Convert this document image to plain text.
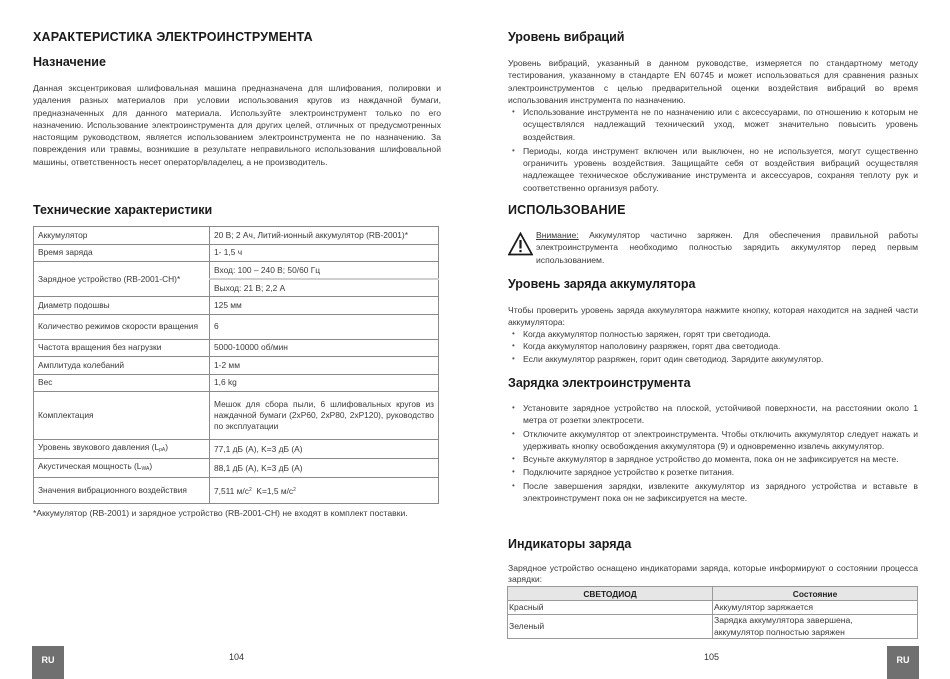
ХАРАКТЕРИСТИКА ЭЛЕКТРОИНСТРУМЕНТА
Назначение
Данная эксцентриковая шлифовальная машина предназначена для шлифования, полировки и удаления разных материалов при условии использования кругов из наждачной бумаги, предназначенных для данного материала. Используйте электроинструмент только по его назначению. Использование электроинструмента для других целей, отличных от предусмотренных настоящим руководством, является использованием электроинструмента не по назначению. За повреждения или травмы, возникшие в результате неправильного использования шлифовальной машины, ответственность несет оператор/владелец, а не производитель.
Технические характеристики
Аккумулятор	20 В; 2 Ач, Литий-ионный аккумулятор (RB-2001)*
Время заряда	1- 1,5 ч
Зарядное устройство (RB-2001-CH)*	Вход: 100 – 240 В; 50/60 Гц
	Выход: 21 В; 2,2 А
Диаметр подошвы	125 мм
Количество режимов скорости вращения	6
Частота вращения без нагрузки	5000-10000 об/мин
Амплитуда колебаний	1-2 мм
Вес	1,6 kg
Комплектация	Мешок для сбора пыли, 6 шлифовальных кругов из наждачной бумаги (2xP60, 2xP80, 2xP120), руководство по эксплуатации
Уровень звукового давления $(L_{pA})$	77,1 дБ (А), K=3 дБ (А)
Акустическая мощность $(L_{WA})$	88,1 дБ (А), K=3 дБ (А)
Значения вибрационного воздействия	7,511 $м/с^2$  K=1,5 $м/с^2$
*Аккумулятор (RB-2001) и зарядное устройство (RB-2001-CH) не входят в комплект поставки.
RU	104
Уровень вибраций
Уровень вибраций, указанный в данном руководстве, измеряется по стандартному методу тестирования, указанному в стандарте EN 60745 и может использоваться для сравнения разных электроинструментов с целью предварительной оценки воздействия вибраций во время использования инструмента по назначению.
• Использование инструмента не по назначению или с аксессуарами, по отношению к которым не осуществлялся надлежащий технический уход, может значительно повысить уровень воздействия.
• Периоды, когда инструмент включен или выключен, но не используется, могут существенно ограничить уровень воздействия. Защищайте себя от воздействия вибраций осуществляя надлежащее техническое обслуживание инструмента и аксессуаров, сохраняя теплоту рук и соответственно организуя работу.
ИСПОЛЬЗОВАНИЕ
Внимание: Аккумулятор частично заряжен. Для обеспечения правильной работы электроинструмента необходимо полностью зарядить аккумулятор перед первым использованием.
Уровень заряда аккумулятора
Чтобы проверить уровень заряда аккумулятора нажмите кнопку, которая находится на задней части аккумулятора:
• Когда аккумулятор полностью заряжен, горят три светодиода.
• Когда аккумулятор наполовину разряжен, горят два светодиода.
• Если аккумулятор разряжен, горит один светодиод. Зарядите аккумулятор.
Зарядка электроинструмента
• Установите зарядное устройство на плоской, устойчивой поверхности, на расстоянии около 1 метра от розетки электросети.
• Отключите аккумулятор от электроинструмента. Чтобы отключить аккумулятор следует нажать и удерживать кнопку освобождения аккумулятора (9) и одновременно извлечь аккумулятор.
• Всуньте аккумулятор в зарядное устройство до момента, пока он не зафиксируется на месте.
• Подключите зарядное устройство к розетке питания.
• После завершения зарядки, извлеките аккумулятор из зарядного устройства и вставьте в электроинструмент пока он не зафиксируется на месте.
Индикаторы заряда
Зарядное устройство оснащено индикаторами заряда, которые информируют о состоянии процесса зарядки:
105	RU
СВЕТОДИОД	Состояние
Красный	Аккумулятор заряжается
Зеленый	Зарядка аккумулятора завершена,
аккумулятор полностью заряжен
